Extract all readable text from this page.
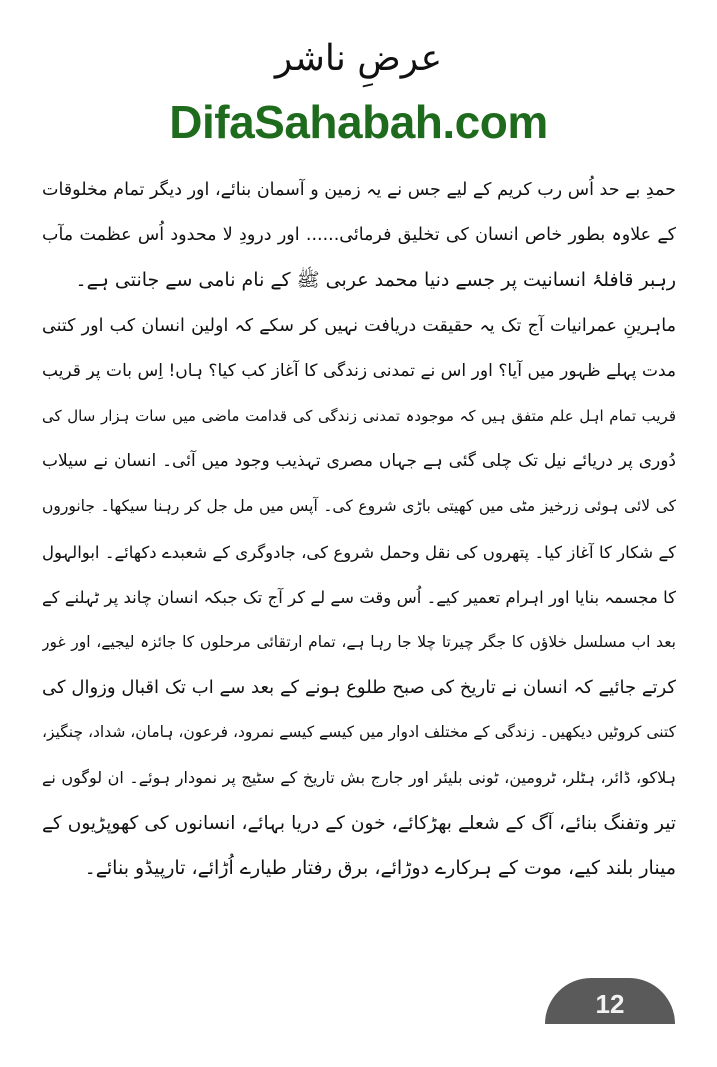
عرضِ ناشر
DifaSahabah.com
حمدِ بے حد اُس رب کریم کے لیے جس نے یہ زمین و آسمان بنائے، اور دیگر تمام مخلوقات
کے علاوہ بطور خاص انسان کی تخلیق فرمائی...... اور درودِ لا محدود اُس عظمت مآب
رہبر قافلۂ انسانیت پر جسے دنیا محمد عربی ﷺ کے نام نامی سے جانتی ہے۔
ماہرینِ عمرانیات آج تک یہ حقیقت دریافت نہیں کر سکے کہ اولین انسان کب اور کتنی
مدت پہلے ظہور میں آیا؟ اور اس نے تمدنی زندگی کا آغاز کب کیا؟ ہاں! اِس بات پر قریب
قریب تمام اہل علم متفق ہیں کہ موجودہ تمدنی زندگی کی قدامت ماضی میں سات ہزار سال کی
دُوری پر دریائے نیل تک چلی گئی ہے جہاں مصری تہذیب وجود میں آئی۔ انسان نے سیلاب
کی لائی ہوئی زرخیز مٹی میں کھیتی باڑی شروع کی۔ آپس میں مل جل کر رہنا سیکھا۔ جانوروں
کے شکار کا آغاز کیا۔ پتھروں کی نقل وحمل شروع کی، جادوگری کے شعبدے دکھائے۔ ابوالہول
کا مجسمہ بنایا اور اہرام تعمیر کیے۔ اُس وقت سے لے کر آج تک جبکہ انسان چاند پر ٹہلنے کے
بعد اب مسلسل خلاؤں کا جگر چیرتا چلا جا رہا ہے، تمام ارتقائی مرحلوں کا جائزہ لیجیے، اور غور
کرتے جائیے کہ انسان نے تاریخ کی صبح طلوع ہونے کے بعد سے اب تک اقبال وزوال کی
کتنی کروٹیں دیکھیں۔ زندگی کے مختلف ادوار میں کیسے کیسے نمرود، فرعون، ہامان، شداد، چنگیز،
ہلاکو، ڈائر، ہٹلر، ٹرومین، ٹونی بلیئر اور جارج بش تاریخ کے سٹیج پر نمودار ہوئے۔ ان لوگوں نے
تیر وتفنگ بنائے، آگ کے شعلے بھڑکائے، خون کے دریا بہائے، انسانوں کی کھوپڑیوں کے
مینار بلند کیے، موت کے ہرکارے دوڑائے، برق رفتار طیارے اُڑائے، تارپیڈو بنائے۔
12
